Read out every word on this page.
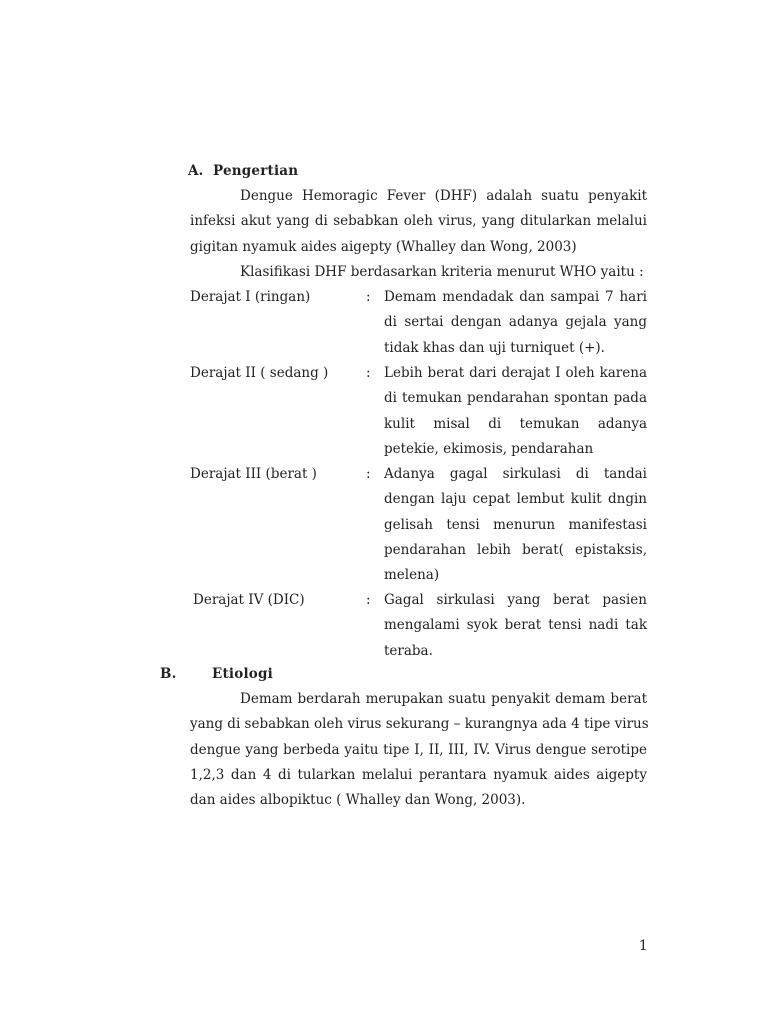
A. Pengertian
Dengue Hemoragic Fever (DHF) adalah suatu penyakit
infeksi akut yang di sebabkan oleh virus, yang ditularkan melalui
gigitan nyamuk aides aigepty (Whalley dan Wong, 2003)
Klasifikasi DHF berdasarkan kriteria menurut WHO yaitu :
Derajat I (ringan)	: Demam mendadak dan sampai 7 hari
di sertai dengan adanya gejala yang
tidak khas dan uji turniquet (+).
Derajat II ( sedang )	: Lebih berat dari derajat I oleh karena
di temukan pendarahan spontan pada
kulit misal di temukan adanya
petekie, ekimosis, pendarahan
Derajat III (berat )	: Adanya gagal sirkulasi di tandai
dengan laju cepat lembut kulit dngin
gelisah tensi menurun manifestasi
pendarahan lebih berat( epistaksis,
melena)
Derajat IV (DIC)	: Gagal sirkulasi yang berat pasien
mengalami syok berat tensi nadi tak
teraba.
B.	Etiologi
Demam berdarah merupakan suatu penyakit demam berat
yang di sebabkan oleh virus sekurang – kurangnya ada 4 tipe virus
dengue yang berbeda yaitu tipe I, II, III, IV. Virus dengue serotipe
1,2,3 dan 4 di tularkan melalui perantara nyamuk aides aigepty
dan aides albopiktuc ( Whalley dan Wong, 2003).
1
